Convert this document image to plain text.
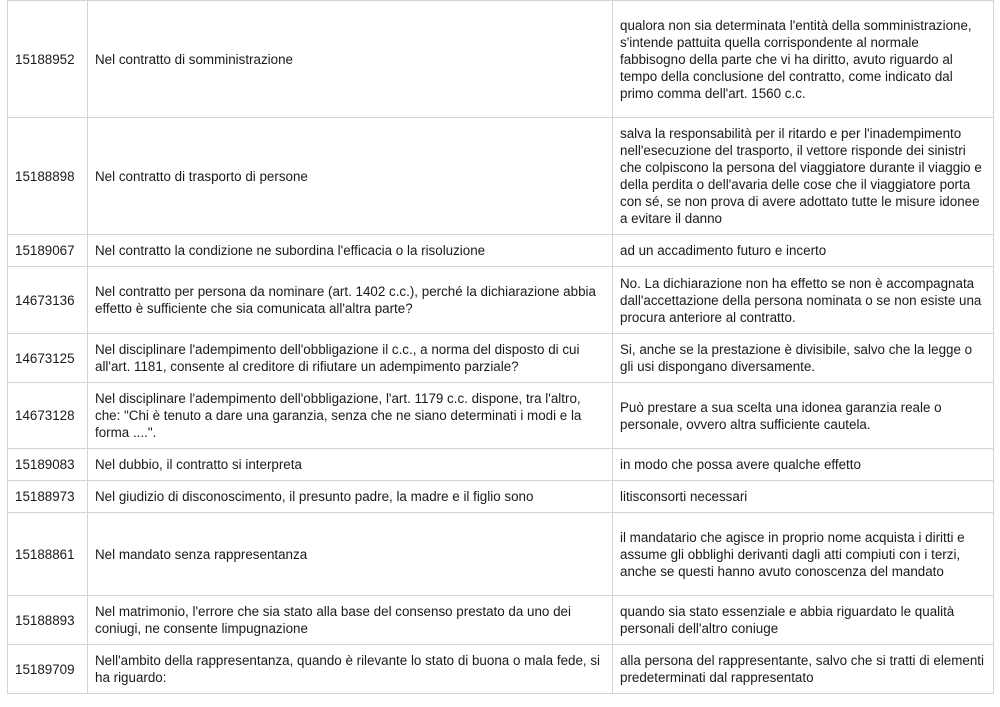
15188952	Nel contratto di somministrazione	qualora non sia determinata l'entità della somministrazione, s'intende pattuita quella corrispondente al normale fabbisogno della parte che vi ha diritto, avuto riguardo al tempo della conclusione del contratto, come indicato dal primo comma dell'art. 1560 c.c.
15188898	Nel contratto di trasporto di persone	salva la responsabilità per il ritardo e per l'inadempimento nell'esecuzione del trasporto, il vettore risponde dei sinistri che colpiscono la persona del viaggiatore durante il viaggio e della perdita o dell'avaria delle cose che il viaggiatore porta con sé, se non prova di avere adottato tutte le misure idonee a evitare il danno
15189067	Nel contratto la condizione ne subordina l'efficacia o la risoluzione	ad un accadimento futuro e incerto
14673136	Nel contratto per persona da nominare (art. 1402 c.c.), perché la dichiarazione abbia effetto è sufficiente che sia comunicata all'altra parte?	No. La dichiarazione non ha effetto se non è accompagnata dall'accettazione della persona nominata o se non esiste una procura anteriore al contratto.
14673125	Nel disciplinare l'adempimento dell'obbligazione il c.c., a norma del disposto di cui all'art. 1181, consente al creditore di rifiutare un adempimento parziale?	Si, anche se la prestazione è divisibile, salvo che la legge o gli usi dispongano diversamente.
14673128	Nel disciplinare l'adempimento dell'obbligazione, l'art. 1179 c.c. dispone, tra l'altro, che: "Chi è tenuto a dare una garanzia, senza che ne siano determinati i modi e la forma ....".	Può prestare a sua scelta una idonea garanzia reale o personale, ovvero altra sufficiente cautela.
15189083	Nel dubbio, il contratto si interpreta	in modo che possa avere qualche effetto
15188973	Nel giudizio di disconoscimento, il presunto padre, la madre e il figlio sono	litisconsorti necessari
15188861	Nel mandato senza rappresentanza	il mandatario che agisce in proprio nome acquista i diritti e assume gli obblighi derivanti dagli atti compiuti con i terzi, anche se questi hanno avuto conoscenza del mandato
15188893	Nel matrimonio, l'errore che sia stato alla base del consenso prestato da uno dei coniugi, ne consente limpugnazione	quando sia stato essenziale e abbia riguardato le qualità personali dell'altro coniuge
15189709	Nell'ambito della rappresentanza, quando è rilevante lo stato di buona o mala fede, si ha riguardo:	alla persona del rappresentante, salvo che si tratti di elementi predeterminati dal rappresentato
